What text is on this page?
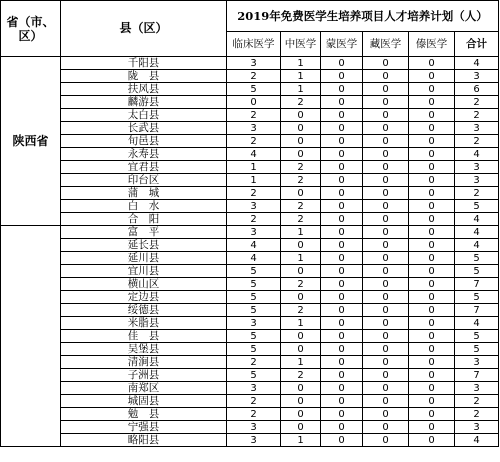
省（市、区）	县（区）	2019年免费医学生培养项目人才培养计划（人）					
		临床医学	中医学	蒙医学	藏医学	傣医学	合计
陕西省	千阳县	3	1	0	0	0	4
	陇　县	2	1	0	0	0	3
	扶风县	5	1	0	0	0	6
	麟游县	0	2	0	0	0	2
	太白县	2	0	0	0	0	2
	长武县	3	0	0	0	0	3
	旬邑县	2	0	0	0	0	2
	永寿县	4	0	0	0	0	4
	宜君县	1	2	0	0	0	3
	印台区	1	2	0	0	0	3
	蒲　城	2	0	0	0	0	2
	白　水	3	2	0	0	0	5
	合　阳	2	2	0	0	0	4
	富　平	3	1	0	0	0	4
	延长县	4	0	0	0	0	4
	延川县	4	1	0	0	0	5
	宜川县	5	0	0	0	0	5
	横山区	5	2	0	0	0	7
	定边县	5	0	0	0	0	5
	绥德县	5	2	0	0	0	7
	米脂县	3	1	0	0	0	4
	佳　县	5	0	0	0	0	5
	吴堡县	5	0	0	0	0	5
	清涧县	2	1	0	0	0	3
	子洲县	5	2	0	0	0	7
	南郑区	3	0	0	0	0	3
	城固县	2	0	0	0	0	2
	勉　县	2	0	0	0	0	2
	宁强县	3	0	0	0	0	3
	略阳县	3	1	0	0	0	4
